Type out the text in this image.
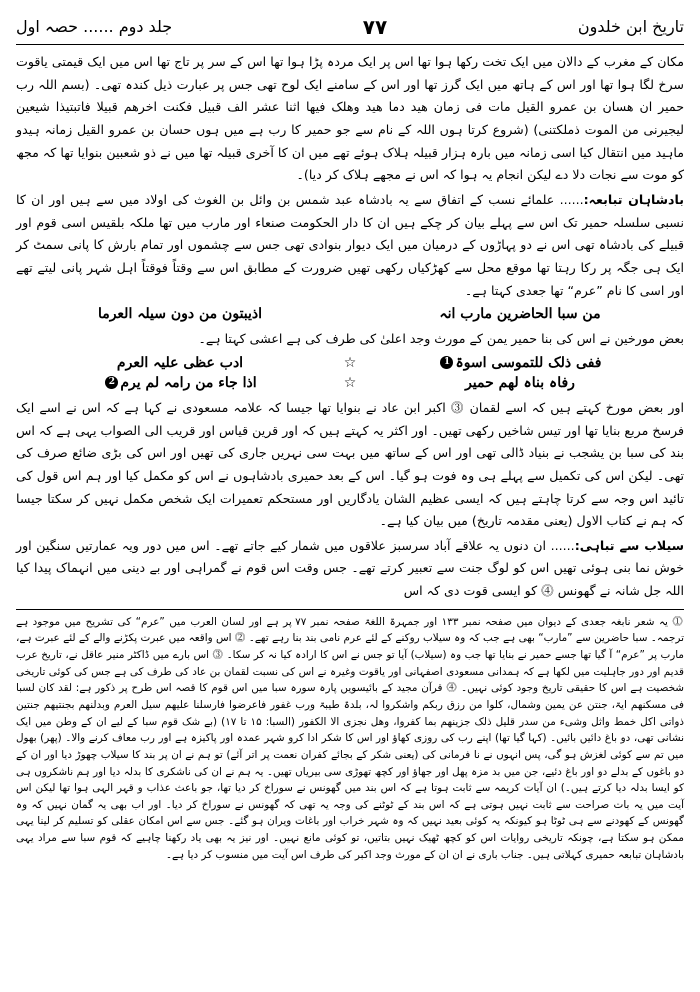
تاریخ ابن خلدون
۷۷
جلد دوم ...... حصہ اول

مکان کے مغرب کے دالان میں ایک تخت رکھا ہوا تھا اس پر ایک مردہ پڑا ہوا تھا اس کے سر پر تاج تھا اس میں ایک قیمتی یاقوت سرخ لگا ہوا تھا اور اس کے ہاتھ میں ایک گرز تھا اور اس کے سامنے ایک لوح تھی جس پر عبارت ذیل کندہ تھی۔ (بسم اللہ رب حمیر ان ھسان بن عمرو القیل مات فی زمان ھید دما ھید وھلک فیھا اثنا عشر الف قبیل فکنت اخرھم قبیلا فاتبتیذا شیعین لیجیرنی من الموت ذملکتنی) (شروع کرتا ہوں اللہ کے نام سے جو حمیر کا رب ہے میں ہوں حسان بن عمرو القیل زمانہ ہیدو ماہید میں انتقال کیا اسی زمانہ میں بارہ ہزار قبیلہ ہلاک ہوئے تھے میں ان کا آخری قبیلہ تھا میں نے ذو شعبین بنوایا تھا کہ مجھ کو موت سے نجات دلا دے لیکن انجام یہ ہوا کہ اس نے مجھے ہلاک کر دیا)۔

بادشاہان تبابعہ:...... علمائے نسب کے اتفاق سے یہ بادشاہ عبد شمس بن وائل بن الغوث کی اولاد میں سے ہیں اور ان کا نسبی سلسلہ حمیر تک اس سے پہلے بیان کر چکے ہیں ان کا دار الحکومت صنعاء اور مارب میں تھا ملکہ بلقیس اسی قوم اور قبیلے کی بادشاہ تھی اس نے دو پہاڑوں کے درمیان میں ایک دیوار بنوادی تھی جس سے چشموں اور تمام بارش کا پانی سمٹ کر ایک ہی جگہ پر رکا رہتا تھا موقع محل سے کھڑکیاں رکھی تھیں ضرورت کے مطابق اس سے وقتاً فوقتاً اہل شہر پانی لیتے تھے اور اسی کا نام ”عرم“ تھا جعدی کہتا ہے۔

من سبا الحاضرین مارب انہ
اذیبتون من دون سیلہ العرما

بعض مورخین نے اس کی بنا حمیر یمن کے مورث وجد اعلیٰ کی طرف کی ہے اعشی کہتا ہے۔

ففی ذلک للتموسی اسوۃ1
☆
ادب عظی علیہ العرم
رفاہ بناہ لھم حمیر
☆
اذا جاء من رامہ لم یرم2

اور بعض مورخ کہتے ہیں کہ اسے لقمان ⓷ اکبر ابن عاد نے بنوایا تھا جیسا کہ علامہ مسعودی نے کہا ہے کہ اس نے اسے ایک فرسخ مربع بنایا تھا اور تیس شاخیں رکھی تھیں۔ اور اکثر یہ کہتے ہیں کہ اور قرین قیاس اور قریب الی الصواب یہی ہے کہ اس بند کی سبا بن یشجب نے بنیاد ڈالی تھی اور اس کے ساتھ میں بہت سی نہریں جاری کی تھیں اور اس کی بڑی ضائع صرف کی تھی۔ لیکن اس کی تکمیل سے پہلے ہی وہ فوت ہو گیا۔ اس کے بعد حمیری بادشاہوں نے اس کو مکمل کیا اور ہم اس قول کی تائید اس وجہ سے کرتا چاہتے ہیں کہ ایسی عظیم الشان یادگاریں اور مستحکم تعمیرات ایک شخص مکمل نہیں کر سکتا جیسا کہ ہم نے کتاب الاول (یعنی مقدمہ تاریخ) میں بیان کیا ہے۔

سیلاب سے تباہی:...... ان دنوں یہ علاقے آباد سرسبز علاقوں میں شمار کیے جاتے تھے۔ اس میں دور ویہ عمارتیں سنگین اور خوش نما بنی ہوئی تھیں اس کو لوگ جنت سے تعبیر کرتے تھے۔ جس وقت اس قوم نے گمراہی اور بے دینی میں انہماک پیدا کیا اللہ جل شانہ نے گھونس ⓸ کو ایسی قوت دی کہ اس

⓵ یہ شعر نابغہ جعدی کے دیوان میں صفحہ نمبر ۱۳۳ اور جمہرۃ اللغۃ صفحہ نمبر ۷۷ پر ہے اور لسان العرب میں ”عرم“ کی تشریح میں موجود ہے ترجمہ۔ سبا حاضرین سے ”مارب“ بھی ہے جب کہ وہ سیلاب روکنے کے لئے عرم نامی بند بنا رہے تھے۔ ⓶ اس واقعہ میں عبرت پکڑنے والے کے لئے عبرت ہے، مارب پر ”عرم“ آ گیا تھا جسے حمیر نے بنایا تھا جب وہ (سیلاب) آیا تو جس نے اس کا ارادہ کیا نہ کر سکا۔ ⓷ اس بارے میں ڈاکٹر منیر عاقل نے، تاریخ عرب قدیم اور دور جاہلیت میں لکھا ہے کہ ہمدانی مسعودی اصفہانی اور یاقوت وغیرہ نے اس کی نسبت لقمان بن عاد کی طرف کی ہے جس کی کوئی تاریخی شخصیت ہے اس کا حقیقی تاریخ وجود کوئی نہیں۔ ⓸ قرآن مجید کے بائیسویں پارہ سورہ سبا میں اس قوم کا قصہ اس طرح پر ذکور ہے: لقد کان لسبا فی مسکنھم ایۃ، جنتن عن یمین وشمال، کلوا من رزق ربکم واشکروا لہ، بلدۃ طیبۃ ورب غفور فاعرضوا فارسلنا علیھم سیل العرم وبدلنھم بجنتیھم جنتین ذواتی اکل خمط واثل وشیء من سدر قلیل ذلک جزینھم بما کفروا، وھل نجزی الا الکفور (السبا: ۱۵ تا ۱۷) (بے شک قوم سبا کے لیے ان کے وطن میں ایک نشانی تھی، دو باغ دائیں بائیں۔ (کہا گیا تھا) اپنے رب کی روزی کھاؤ اور اس کا شکر ادا کرو شہر عمدہ اور پاکیزہ ہے اور رب معاف کرنے والا۔ (پھر) بھول میں تم سے کوئی لغزش ہو گی، پس انہوں نے نا فرمانی کی (یعنی شکر کے بجائے کفران نعمت پر اتر آئے) تو ہم نے ان پر بند کا سیلاب چھوڑ دیا اور ان کے دو باغوں کے بدلے دو اور باغ دئیے، جن میں بد مزہ پھل اور جھاؤ اور کچھ تھوڑی سی بیریاں تھیں۔ یہ ہم نے ان کی ناشکری کا بدلہ دیا اور ہم ناشکروں ہی کو ایسا بدلہ دیا کرتے ہیں۔) ان آیات کریمہ سے ثابت ہوتا ہے کہ اس بند میں گھونس نے سوراخ کر دیا تھا، جو باعث عذاب و قہر الہی ہوا تھا لیکن اس آیت میں یہ بات صراحت سے ثابت نہیں ہوتی ہے کہ اس بند کے ٹوٹنے کی وجہ یہ تھی کہ گھونس نے سوراخ کر دیا۔ اور اب بھی یہ گمان نہیں کہ وہ گھونس کے کھودنے سے ہی ٹوٹا ہو کیونکہ یہ کوئی بعید نہیں کہ وہ شہر خراب اور باغات ویران ہو گئے۔ جس سے اس امکان عقلی کو تسلیم کر لینا یہی ممکن ہو سکتا ہے، چونکہ تاریخی روایات اس کو کچھ ٹھیک نہیں بتاتیں، تو کوئی مانع نہیں۔ اور نیز یہ بھی یاد رکھنا چاہیے کہ قوم سبا سے مراد یہی بادشاہان تبابعہ حمیری کہلاتی ہیں۔ جناب باری نے ان ان کے مورث وجد اکبر کی طرف اس آیت میں منسوب کر دیا ہے۔
